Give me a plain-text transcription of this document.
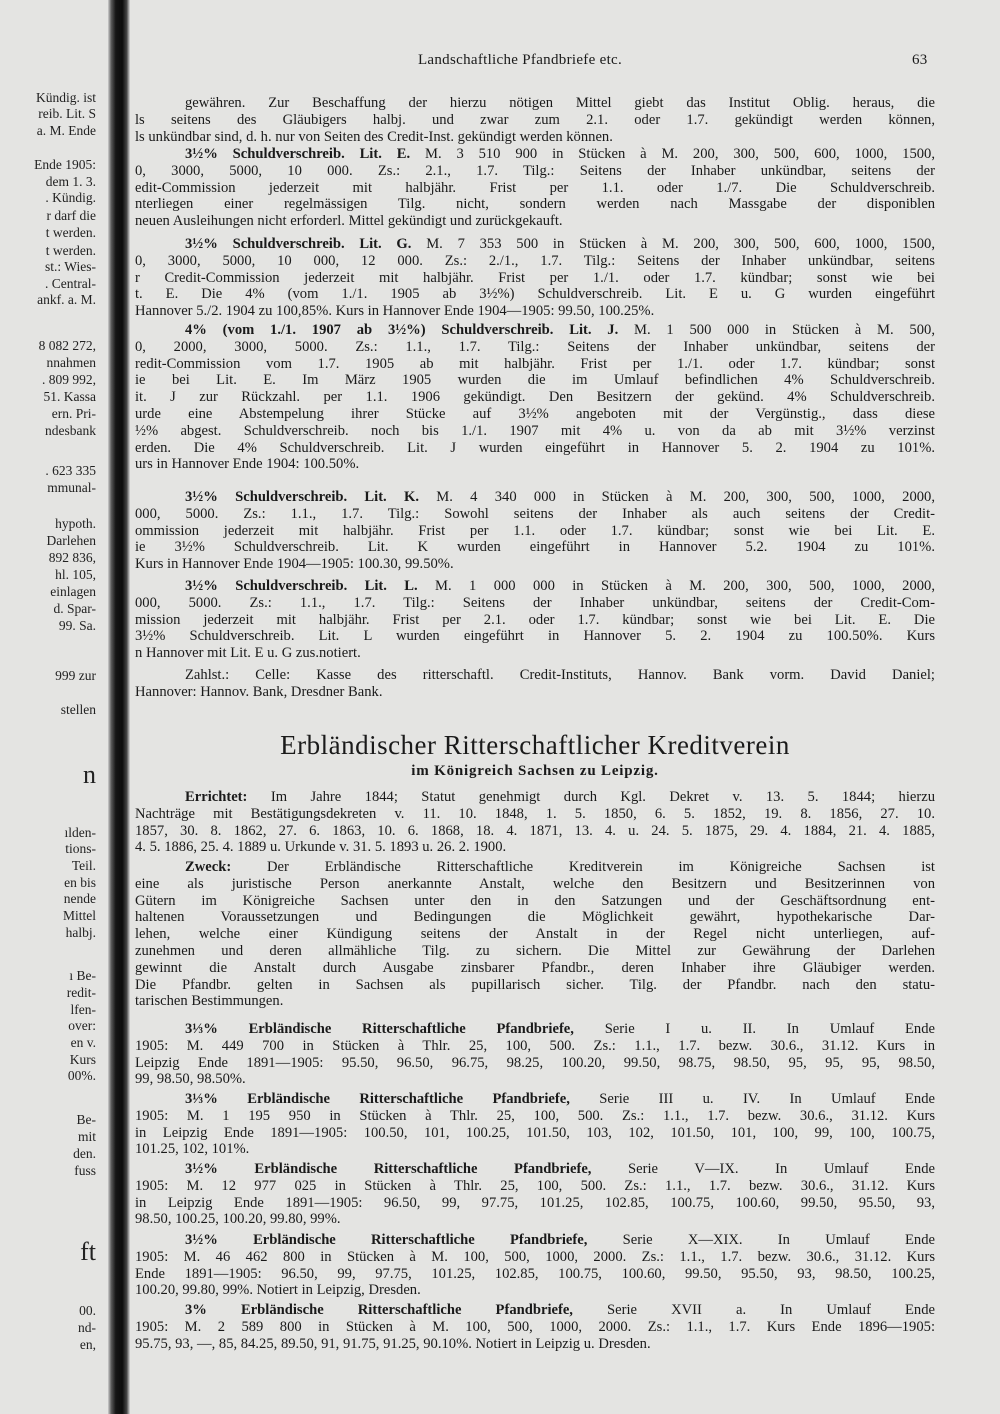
Landschaftliche Pfandbriefe etc.	63
gewähren. Zur Beschaffung der hierzu nötigen Mittel giebt das Institut Oblig. heraus, die
ls seitens des Gläubigers halbj. und zwar zum 2.1. oder 1.7. gekündigt werden können,
ls unkündbar sind, d. h. nur von Seiten des Credit-Inst. gekündigt werden können.
3½% Schuldverschreib. Lit. E. M. 3 510 900 in Stücken à M. 200, 300, 500, 600, 1000, 1500,
0, 3000, 5000, 10 000. Zs.: 2.1., 1.7. Tilg.: Seitens der Inhaber unkündbar, seitens der
edit-Commission jederzeit mit halbjähr. Frist per 1.1. oder 1./7. Die Schuldverschreib.
nterliegen einer regelmässigen Tilg. nicht, sondern werden nach Massgabe der disponiblen
neuen Ausleihungen nicht erforderl. Mittel gekündigt und zurückgekauft.
3½% Schuldverschreib. Lit. G. M. 7 353 500 in Stücken à M. 200, 300, 500, 600, 1000, 1500,
0, 3000, 5000, 10 000, 12 000. Zs.: 2./1., 1.7. Tilg.: Seitens der Inhaber unkündbar, seitens
r Credit-Commission jederzeit mit halbjähr. Frist per 1./1. oder 1.7. kündbar; sonst wie bei
t. E. Die 4% (vom 1./1. 1905 ab 3½%) Schuldverschreib. Lit. E u. G wurden eingeführt
Hannover 5./2. 1904 zu 100,85%. Kurs in Hannover Ende 1904—1905: 99.50, 100.25%.
4% (vom 1./1. 1907 ab 3½%) Schuldverschreib. Lit. J. M. 1 500 000 in Stücken à M. 500,
0, 2000, 3000, 5000. Zs.: 1.1., 1.7. Tilg.: Seitens der Inhaber unkündbar, seitens der
redit-Commission vom 1.7. 1905 ab mit halbjähr. Frist per 1./1. oder 1.7. kündbar; sonst
ie bei Lit. E. Im März 1905 wurden die im Umlauf befindlichen 4% Schuldverschreib.
it. J zur Rückzahl. per 1.1. 1906 gekündigt. Den Besitzern der gekünd. 4% Schuldverschreib.
urde eine Abstempelung ihrer Stücke auf 3½% angeboten mit der Vergünstig., dass diese
½% abgest. Schuldverschreib. noch bis 1./1. 1907 mit 4% u. von da ab mit 3½% verzinst
erden. Die 4% Schuldverschreib. Lit. J wurden eingeführt in Hannover 5. 2. 1904 zu 101%.
urs in Hannover Ende 1904: 100.50%.
3½% Schuldverschreib. Lit. K. M. 4 340 000 in Stücken à M. 200, 300, 500, 1000, 2000,
000, 5000. Zs.: 1.1., 1.7. Tilg.: Sowohl seitens der Inhaber als auch seitens der Credit-
ommission jederzeit mit halbjähr. Frist per 1.1. oder 1.7. kündbar; sonst wie bei Lit. E.
ie 3½% Schuldverschreib. Lit. K wurden eingeführt in Hannover 5.2. 1904 zu 101%.
Kurs in Hannover Ende 1904—1905: 100.30, 99.50%.
3½% Schuldverschreib. Lit. L. M. 1 000 000 in Stücken à M. 200, 300, 500, 1000, 2000,
000, 5000. Zs.: 1.1., 1.7. Tilg.: Seitens der Inhaber unkündbar, seitens der Credit-Com-
mission jederzeit mit halbjähr. Frist per 2.1. oder 1.7. kündbar; sonst wie bei Lit. E. Die
3½% Schuldverschreib. Lit. L wurden eingeführt in Hannover 5. 2. 1904 zu 100.50%. Kurs
n Hannover mit Lit. E u. G zus.notiert.
Zahlst.: Celle: Kasse des ritterschaftl. Credit-Instituts, Hannov. Bank vorm. David Daniel;
Hannover: Hannov. Bank, Dresdner Bank.
Erbländischer Ritterschaftlicher Kreditverein
im Königreich Sachsen zu Leipzig.
Errichtet: Im Jahre 1844; Statut genehmigt durch Kgl. Dekret v. 13. 5. 1844; hierzu
Nachträge mit Bestätigungsdekreten v. 11. 10. 1848, 1. 5. 1850, 6. 5. 1852, 19. 8. 1856, 27. 10.
1857, 30. 8. 1862, 27. 6. 1863, 10. 6. 1868, 18. 4. 1871, 13. 4. u. 24. 5. 1875, 29. 4. 1884, 21. 4. 1885,
4. 5. 1886, 25. 4. 1889 u. Urkunde v. 31. 5. 1893 u. 26. 2. 1900.
Zweck: Der Erbländische Ritterschaftliche Kreditverein im Königreiche Sachsen ist
eine als juristische Person anerkannte Anstalt, welche den Besitzern und Besitzerinnen von
Gütern im Königreiche Sachsen unter den in den Satzungen und der Geschäftsordnung ent-
haltenen Voraussetzungen und Bedingungen die Möglichkeit gewährt, hypothekarische Dar-
lehen, welche einer Kündigung seitens der Anstalt in der Regel nicht unterliegen, auf-
zunehmen und deren allmähliche Tilg. zu sichern. Die Mittel zur Gewährung der Darlehen
gewinnt die Anstalt durch Ausgabe zinsbarer Pfandbr., deren Inhaber ihre Gläubiger werden.
Die Pfandbr. gelten in Sachsen als pupillarisch sicher. Tilg. der Pfandbr. nach den statu-
tarischen Bestimmungen.
3⅓% Erbländische Ritterschaftliche Pfandbriefe, Serie I u. II. In Umlauf Ende
1905: M. 449 700 in Stücken à Thlr. 25, 100, 500. Zs.: 1.1., 1.7. bezw. 30.6., 31.12. Kurs in
Leipzig Ende 1891—1905: 95.50, 96.50, 96.75, 98.25, 100.20, 99.50, 98.75, 98.50, 95, 95, 95, 98.50,
99, 98.50, 98.50%.
3⅓% Erbländische Ritterschaftliche Pfandbriefe, Serie III u. IV. In Umlauf Ende
1905: M. 1 195 950 in Stücken à Thlr. 25, 100, 500. Zs.: 1.1., 1.7. bezw. 30.6., 31.12. Kurs
in Leipzig Ende 1891—1905: 100.50, 101, 100.25, 101.50, 103, 102, 101.50, 101, 100, 99, 100, 100.75,
101.25, 102, 101%.
3½% Erbländische Ritterschaftliche Pfandbriefe,	Serie V—IX. In Umlauf Ende
1905: M. 12 977 025 in Stücken à Thlr. 25, 100, 500. Zs.: 1.1., 1.7. bezw. 30.6., 31.12. Kurs
in Leipzig Ende 1891—1905: 96.50, 99, 97.75, 101.25, 102.85, 100.75, 100.60, 99.50, 95.50, 93,
98.50, 100.25, 100.20, 99.80, 99%.
3½% Erbländische Ritterschaftliche Pfandbriefe, Serie X—XIX. In Umlauf Ende
1905: M. 46 462 800 in Stücken à M. 100, 500, 1000, 2000. Zs.: 1.1., 1.7. bezw. 30.6., 31.12. Kurs
Ende 1891—1905: 96.50, 99, 97.75, 101.25, 102.85, 100.75, 100.60, 99.50, 95.50, 93, 98.50, 100.25,
100.20, 99.80, 99%. Notiert in Leipzig, Dresden.
3% Erbländische Ritterschaftliche Pfandbriefe, Serie XVII a. In Umlauf Ende
1905: M. 2 589 800 in Stücken à M. 100, 500, 1000, 2000. Zs.: 1.1., 1.7. Kurs Ende 1896—1905:
95.75, 93, —, 85, 84.25, 89.50, 91, 91.75, 91.25, 90.10%. Notiert in Leipzig u. Dresden.
Kündig. ist
reib. Lit. S
a. M. Ende
Ende 1905:
dem 1. 3.
. Kündig.
r darf die
t werden.
t werden.
st.: Wies-
. Central-
ankf. a. M.
8 082 272,
nnahmen
. 809 992,
51. Kassa
ern. Pri-
ndesbank
. 623 335
mmunal-
hypoth.
Darlehen
892 836,
hl. 105,
einlagen
d. Spar-
99. Sa.
999 zur
stellen
n
ılden-
tions-
Teil.
en bis
nende
Mittel
halbj.
ı Be-
redit-
lfen-
over:
en v.
Kurs
00%.
Be-
mit
den.
fuss
ft
00.
nd-
en,
